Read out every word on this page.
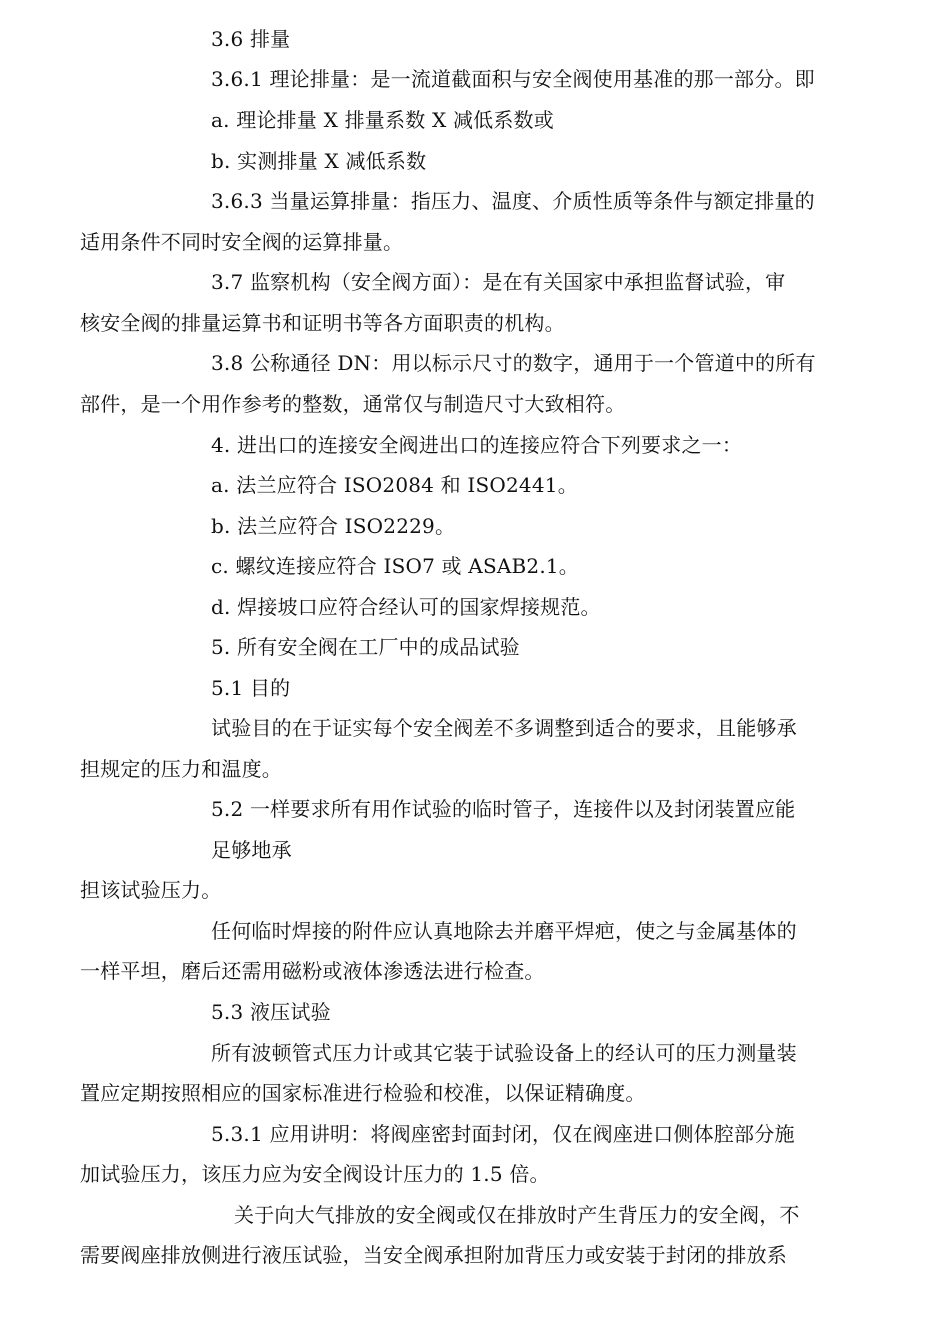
3.6 排量
3.6.1 理论排量：是一流道截面积与安全阀使用基准的那一部分。即
a. 理论排量 X 排量系数 X 减低系数或
b. 实测排量 X 减低系数
3.6.3 当量运算排量：指压力、温度、介质性质等条件与额定排量的
适用条件不同时安全阀的运算排量。
3.7 监察机构（安全阀方面）：是在有关国家中承担监督试验，审
核安全阀的排量运算书和证明书等各方面职责的机构。
3.8 公称通径 DN：用以标示尺寸的数字，通用于一个管道中的所有
部件，是一个用作参考的整数，通常仅与制造尺寸大致相符。
4. 进出口的连接安全阀进出口的连接应符合下列要求之一：
a. 法兰应符合 ISO2084 和 ISO2441。
b. 法兰应符合 ISO2229。
c. 螺纹连接应符合 ISO7 或 ASAB2.1。
d. 焊接坡口应符合经认可的国家焊接规范。
5. 所有安全阀在工厂中的成品试验
5.1 目的
试验目的在于证实每个安全阀差不多调整到适合的要求，且能够承
担规定的压力和温度。
5.2 一样要求所有用作试验的临时管子，连接件以及封闭装置应能
足够地承
担该试验压力。
任何临时焊接的附件应认真地除去并磨平焊疤，使之与金属基体的
一样平坦，磨后还需用磁粉或液体渗透法进行检查。
5.3 液压试验
所有波顿管式压力计或其它装于试验设备上的经认可的压力测量装
置应定期按照相应的国家标准进行检验和校准，以保证精确度。
5.3.1 应用讲明：将阀座密封面封闭，仅在阀座进口侧体腔部分施
加试验压力，该压力应为安全阀设计压力的 1.5 倍。
关于向大气排放的安全阀或仅在排放时产生背压力的安全阀，不
需要阀座排放侧进行液压试验，当安全阀承担附加背压力或安装于封闭的排放系
